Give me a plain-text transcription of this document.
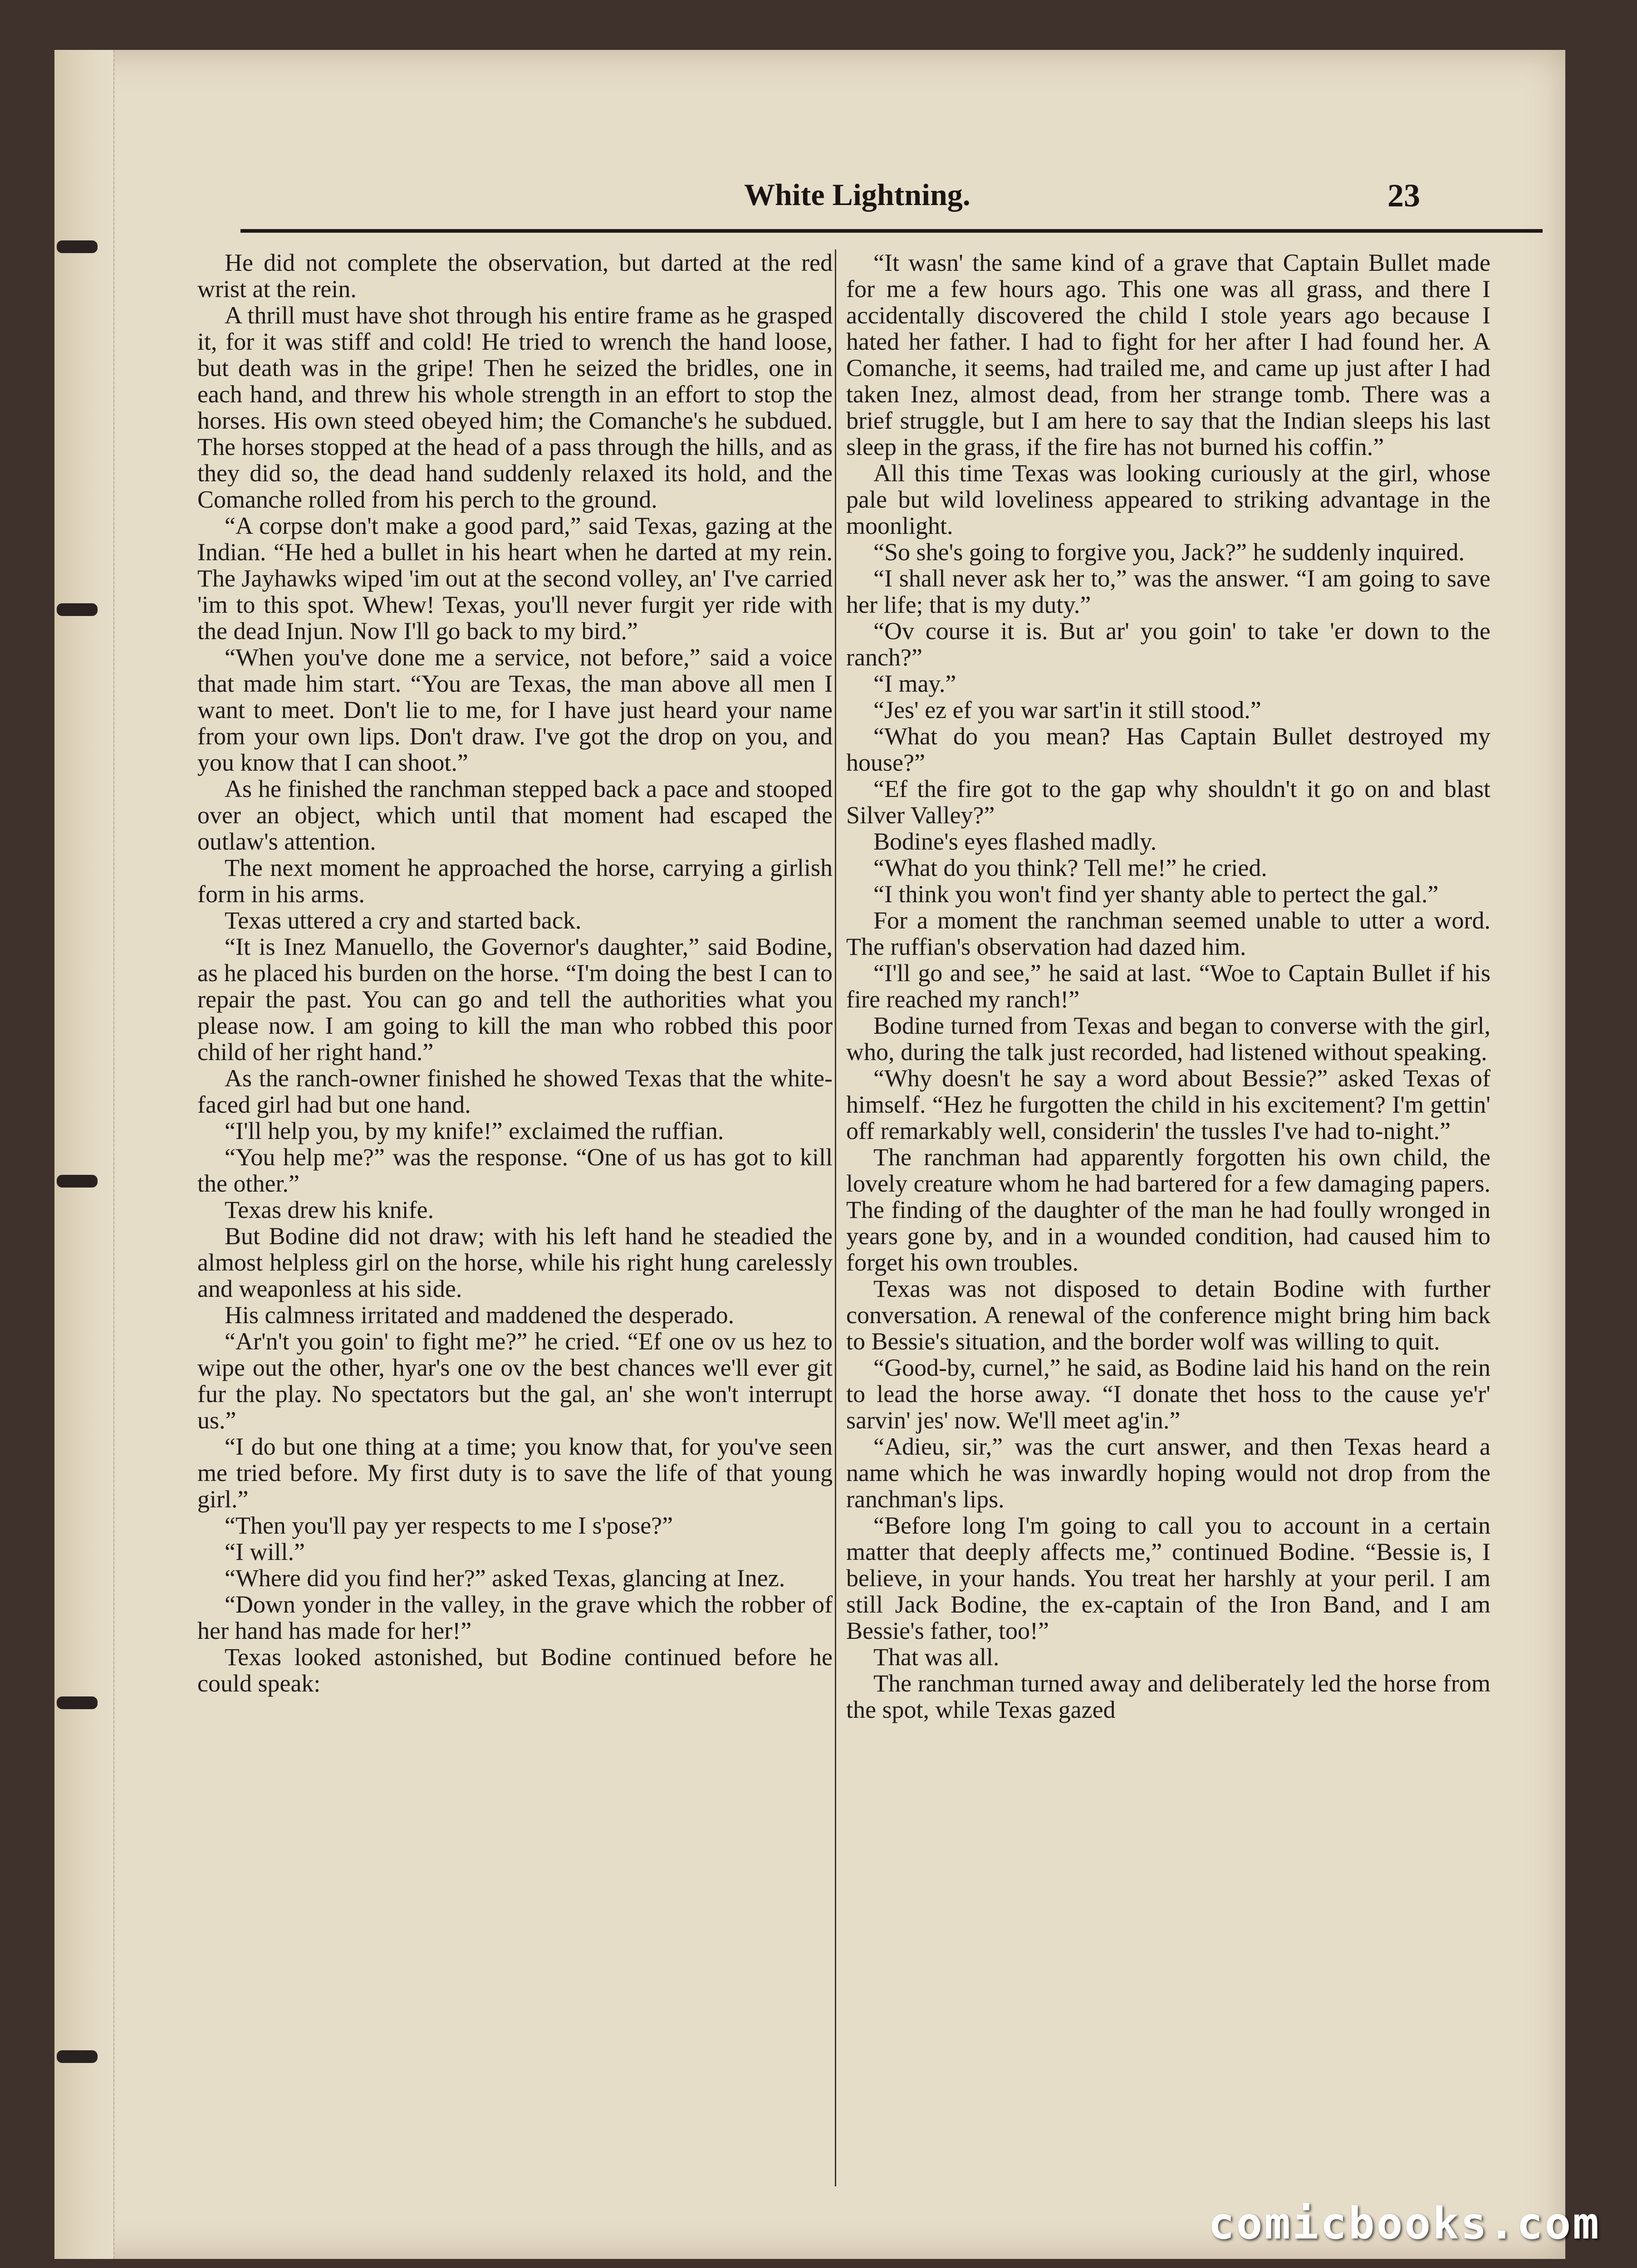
White Lightning.	23

He did not complete the observation, but darted at the red wrist at the rein.

A thrill must have shot through his entire frame as he grasped it, for it was stiff and cold! He tried to wrench the hand loose, but death was in the gripe! Then he seized the bridles, one in each hand, and threw his whole strength in an effort to stop the horses. His own steed obeyed him; the Comanche's he subdued. The horses stopped at the head of a pass through the hills, and as they did so, the dead hand suddenly relaxed its hold, and the Comanche rolled from his perch to the ground.

“A corpse don't make a good pard,” said Texas, gazing at the Indian. “He hed a bullet in his heart when he darted at my rein. The Jayhawks wiped 'im out at the second volley, an' I've carried 'im to this spot. Whew! Texas, you'll never furgit yer ride with the dead Injun. Now I'll go back to my bird.”

“When you've done me a service, not before,” said a voice that made him start. “You are Texas, the man above all men I want to meet. Don't lie to me, for I have just heard your name from your own lips. Don't draw. I've got the drop on you, and you know that I can shoot.”

As he finished the ranchman stepped back a pace and stooped over an object, which until that moment had escaped the outlaw's attention.

The next moment he approached the horse, carrying a girlish form in his arms.

Texas uttered a cry and started back.

“It is Inez Manuello, the Governor's daughter,” said Bodine, as he placed his burden on the horse. “I'm doing the best I can to repair the past. You can go and tell the authorities what you please now. I am going to kill the man who robbed this poor child of her right hand.”

As the ranch-owner finished he showed Texas that the white-faced girl had but one hand.

“I'll help you, by my knife!” exclaimed the ruffian.

“You help me?” was the response. “One of us has got to kill the other.”

Texas drew his knife.

But Bodine did not draw; with his left hand he steadied the almost helpless girl on the horse, while his right hung carelessly and weaponless at his side.

His calmness irritated and maddened the desperado.

“Ar'n't you goin' to fight me?” he cried. “Ef one ov us hez to wipe out the other, hyar's one ov the best chances we'll ever git fur the play. No spectators but the gal, an' she won't interrupt us.”

“I do but one thing at a time; you know that, for you've seen me tried before. My first duty is to save the life of that young girl.”

“Then you'll pay yer respects to me I s'pose?”

“I will.”

“Where did you find her?” asked Texas, glancing at Inez.

“Down yonder in the valley, in the grave which the robber of her hand has made for her!”

Texas looked astonished, but Bodine continued before he could speak:

“It wasn' the same kind of a grave that Captain Bullet made for me a few hours ago. This one was all grass, and there I accidentally discovered the child I stole years ago because I hated her father. I had to fight for her after I had found her. A Comanche, it seems, had trailed me, and came up just after I had taken Inez, almost dead, from her strange tomb. There was a brief struggle, but I am here to say that the Indian sleeps his last sleep in the grass, if the fire has not burned his coffin.”

All this time Texas was looking curiously at the girl, whose pale but wild loveliness appeared to striking advantage in the moonlight.

“So she's going to forgive you, Jack?” he suddenly inquired.

“I shall never ask her to,” was the answer. “I am going to save her life; that is my duty.”

“Ov course it is. But ar' you goin' to take 'er down to the ranch?”

“I may.”

“Jes' ez ef you war sart'in it still stood.”

“What do you mean? Has Captain Bullet destroyed my house?”

“Ef the fire got to the gap why shouldn't it go on and blast Silver Valley?”

Bodine's eyes flashed madly.

“What do you think? Tell me!” he cried.

“I think you won't find yer shanty able to pertect the gal.”

For a moment the ranchman seemed unable to utter a word. The ruffian's observation had dazed him.

“I'll go and see,” he said at last. “Woe to Captain Bullet if his fire reached my ranch!”

Bodine turned from Texas and began to converse with the girl, who, during the talk just recorded, had listened without speaking.

“Why doesn't he say a word about Bessie?” asked Texas of himself. “Hez he furgotten the child in his excitement? I'm gettin' off remarkably well, considerin' the tussles I've had to-night.”

The ranchman had apparently forgotten his own child, the lovely creature whom he had bartered for a few damaging papers. The finding of the daughter of the man he had foully wronged in years gone by, and in a wounded condition, had caused him to forget his own troubles.

Texas was not disposed to detain Bodine with further conversation. A renewal of the conference might bring him back to Bessie's situation, and the border wolf was willing to quit.

“Good-by, curnel,” he said, as Bodine laid his hand on the rein to lead the horse away. “I donate thet hoss to the cause ye'r' sarvin' jes' now. We'll meet ag'in.”

“Adieu, sir,” was the curt answer, and then Texas heard a name which he was inwardly hoping would not drop from the ranchman's lips.

“Before long I'm going to call you to account in a certain matter that deeply affects me,” continued Bodine. “Bessie is, I believe, in your hands. You treat her harshly at your peril. I am still Jack Bodine, the ex-captain of the Iron Band, and I am Bessie's father, too!”

That was all.

The ranchman turned away and deliberately led the horse from the spot, while Texas gazed

comicbooks.com
